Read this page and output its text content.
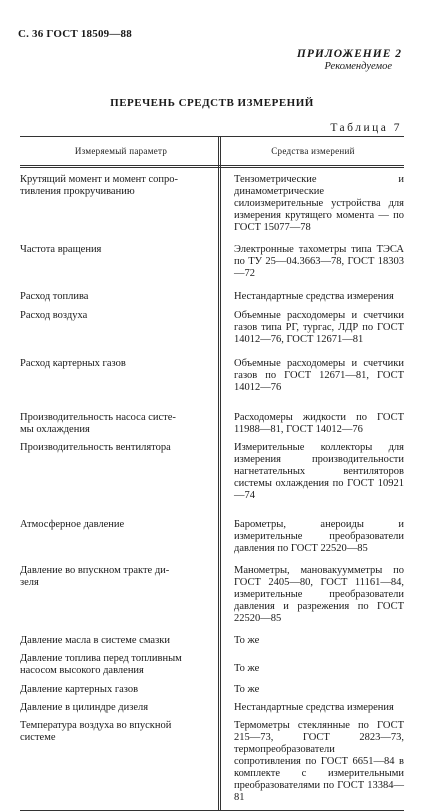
С. 36 ГОСТ 18509—88
ПРИЛОЖЕНИЕ 2
Рекомендуемое
ПЕРЕЧЕНЬ СРЕДСТВ ИЗМЕРЕНИЙ
Таблица 7
Измеряемый параметр	Средства измерений
Крутящий момент и момент сопро-
тивления прокручиванию	Тензометрические и динамометрические силоизмерительные устройства для измерения крутящего момента — по ГОСТ 15077—78
Частота вращения	Электронные тахометры типа ТЭСА по ТУ 25—04.3663—78, ГОСТ 18303—72
Расход топлива	Нестандартные средства измерения
Расход воздуха	Объемные расходомеры и счетчики газов типа РГ, тургас, ЛДР по ГОСТ 14012—76, ГОСТ 12671—81
Расход картерных газов	Объемные расходомеры и счетчики газов по ГОСТ 12671—81, ГОСТ 14012—76
Производительность насоса систе-
мы охлаждения	Расходомеры жидкости по ГОСТ 11988—81, ГОСТ 14012—76
Производительность вентилятора	Измерительные коллекторы для измерения производительности нагнетательных вентиляторов системы охлаждения по ГОСТ 10921—74
Атмосферное давление	Барометры, анероиды и измерительные преобразователи давления по ГОСТ 22520—85
Давление во впускном тракте ди-
зеля	Манометры, мановакуумметры по ГОСТ 2405—80, ГОСТ 11161—84, измерительные преобразователи давления и разрежения по ГОСТ 22520—85
Давление масла в системе смазки	То же
Давление топлива перед топливным
насосом высокого давления	То же
Давление картерных газов	То же
Давление в цилиндре дизеля	Нестандартные средства измерения
Температура воздуха во впускной
системе	Термометры стеклянные по ГОСТ 215—73, ГОСТ 2823—73, термопреобразователи сопротивления по ГОСТ 6651—84 в комплекте с измерительными преобразователями по ГОСТ 13384—81
